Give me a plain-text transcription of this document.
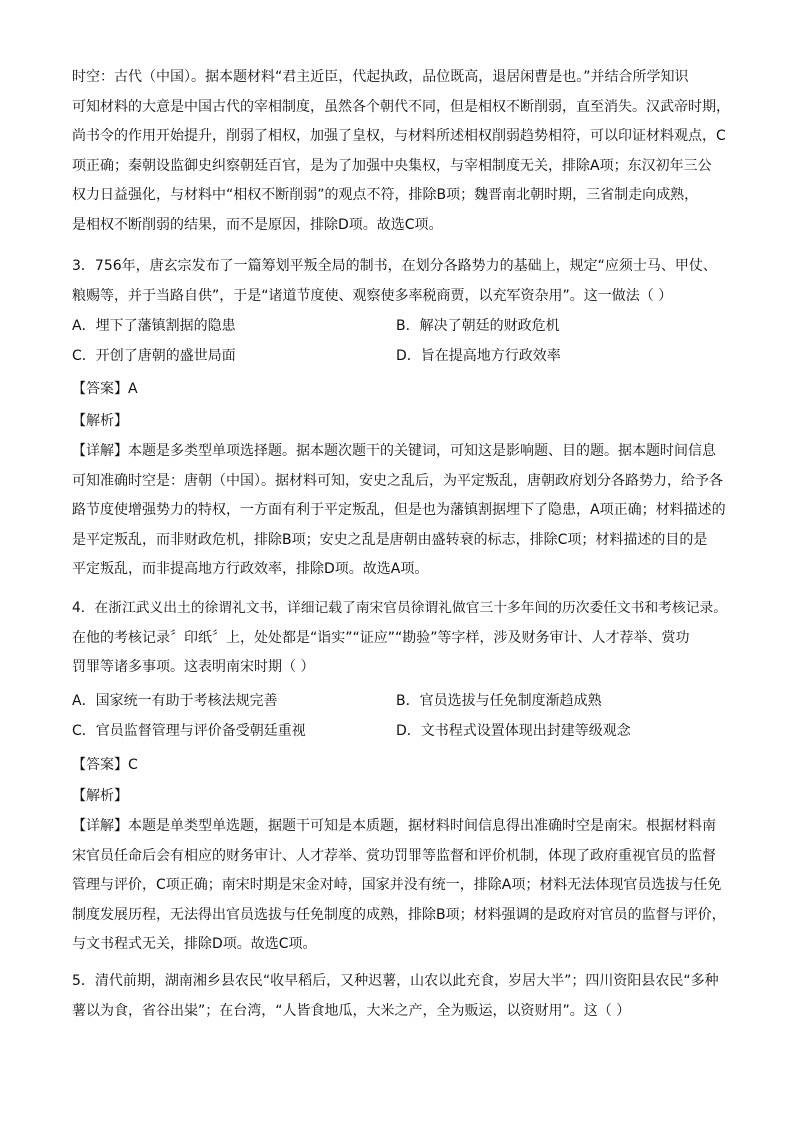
时空：古代（中国）。据本题材料“君主近臣，代起执政，品位既高，退居闲曹是也。”并结合所学知识
可知材料的大意是中国古代的宰相制度，虽然各个朝代不同，但是相权不断削弱，直至消失。汉武帝时期，
尚书令的作用开始提升，削弱了相权，加强了皇权，与材料所述相权削弱趋势相符，可以印证材料观点，C
项正确；秦朝设监御史纠察朝廷百官，是为了加强中央集权，与宰相制度无关，排除A项；东汉初年三公
权力日益强化，与材料中“相权不断削弱”的观点不符，排除B项；魏晋南北朝时期，三省制走向成熟，
是相权不断削弱的结果，而不是原因，排除D项。故选C项。
3．756年，唐玄宗发布了一篇筹划平叛全局的制书，在划分各路势力的基础上，规定“应须士马、甲仗、
粮赐等，并于当路自供”，于是“诸道节度使、观察使多率税商贾，以充军资杂用”。这一做法（ ）
A．埋下了藩镇割据的隐患	B．解决了朝廷的财政危机
C．开创了唐朝的盛世局面	D．旨在提高地方行政效率
【答案】A
【解析】
【详解】本题是多类型单项选择题。据本题次题干的关键词，可知这是影响题、目的题。据本题时间信息
可知准确时空是：唐朝（中国）。据材料可知，安史之乱后，为平定叛乱，唐朝政府划分各路势力，给予各
路节度使增强势力的特权，一方面有利于平定叛乱，但是也为藩镇割据埋下了隐患，A项正确；材料描述的
是平定叛乱，而非财政危机，排除B项；安史之乱是唐朝由盛转衰的标志，排除C项；材料描述的目的是
平定叛乱，而非提高地方行政效率，排除D项。故选A项。
4．在浙江武义出土的徐谓礼文书，详细记载了南宋官员徐谓礼做官三十多年间的历次委任文书和考核记录。
在他的考核记录〞印纸〞上，处处都是“诣实”“证应”“勘验”等字样，涉及财务审计、人才荐举、赏功
罚罪等诸多事项。这表明南宋时期（ ）
A．国家统一有助于考核法规完善	B．官员选拔与任免制度渐趋成熟
C．官员监督管理与评价备受朝廷重视	D．文书程式设置体现出封建等级观念
【答案】C
【解析】
【详解】本题是单类型单选题，据题干可知是本质题，据材料时间信息得出准确时空是南宋。根据材料南
宋官员任命后会有相应的财务审计、人才荐举、赏功罚罪等监督和评价机制，体现了政府重视官员的监督
管理与评价，C项正确；南宋时期是宋金对峙，国家并没有统一，排除A项；材料无法体现官员选拔与任免
制度发展历程，无法得出官员选拔与任免制度的成熟，排除B项；材料强调的是政府对官员的监督与评价，
与文书程式无关，排除D项。故选C项。
5．清代前期，湖南湘乡县农民“收早稻后，又种迟薯，山农以此充食，岁居大半”；四川资阳县农民“多种
薯以为食，省谷出粜”；在台湾，“人皆食地瓜，大米之产，全为贩运，以资财用”。这（ ）
